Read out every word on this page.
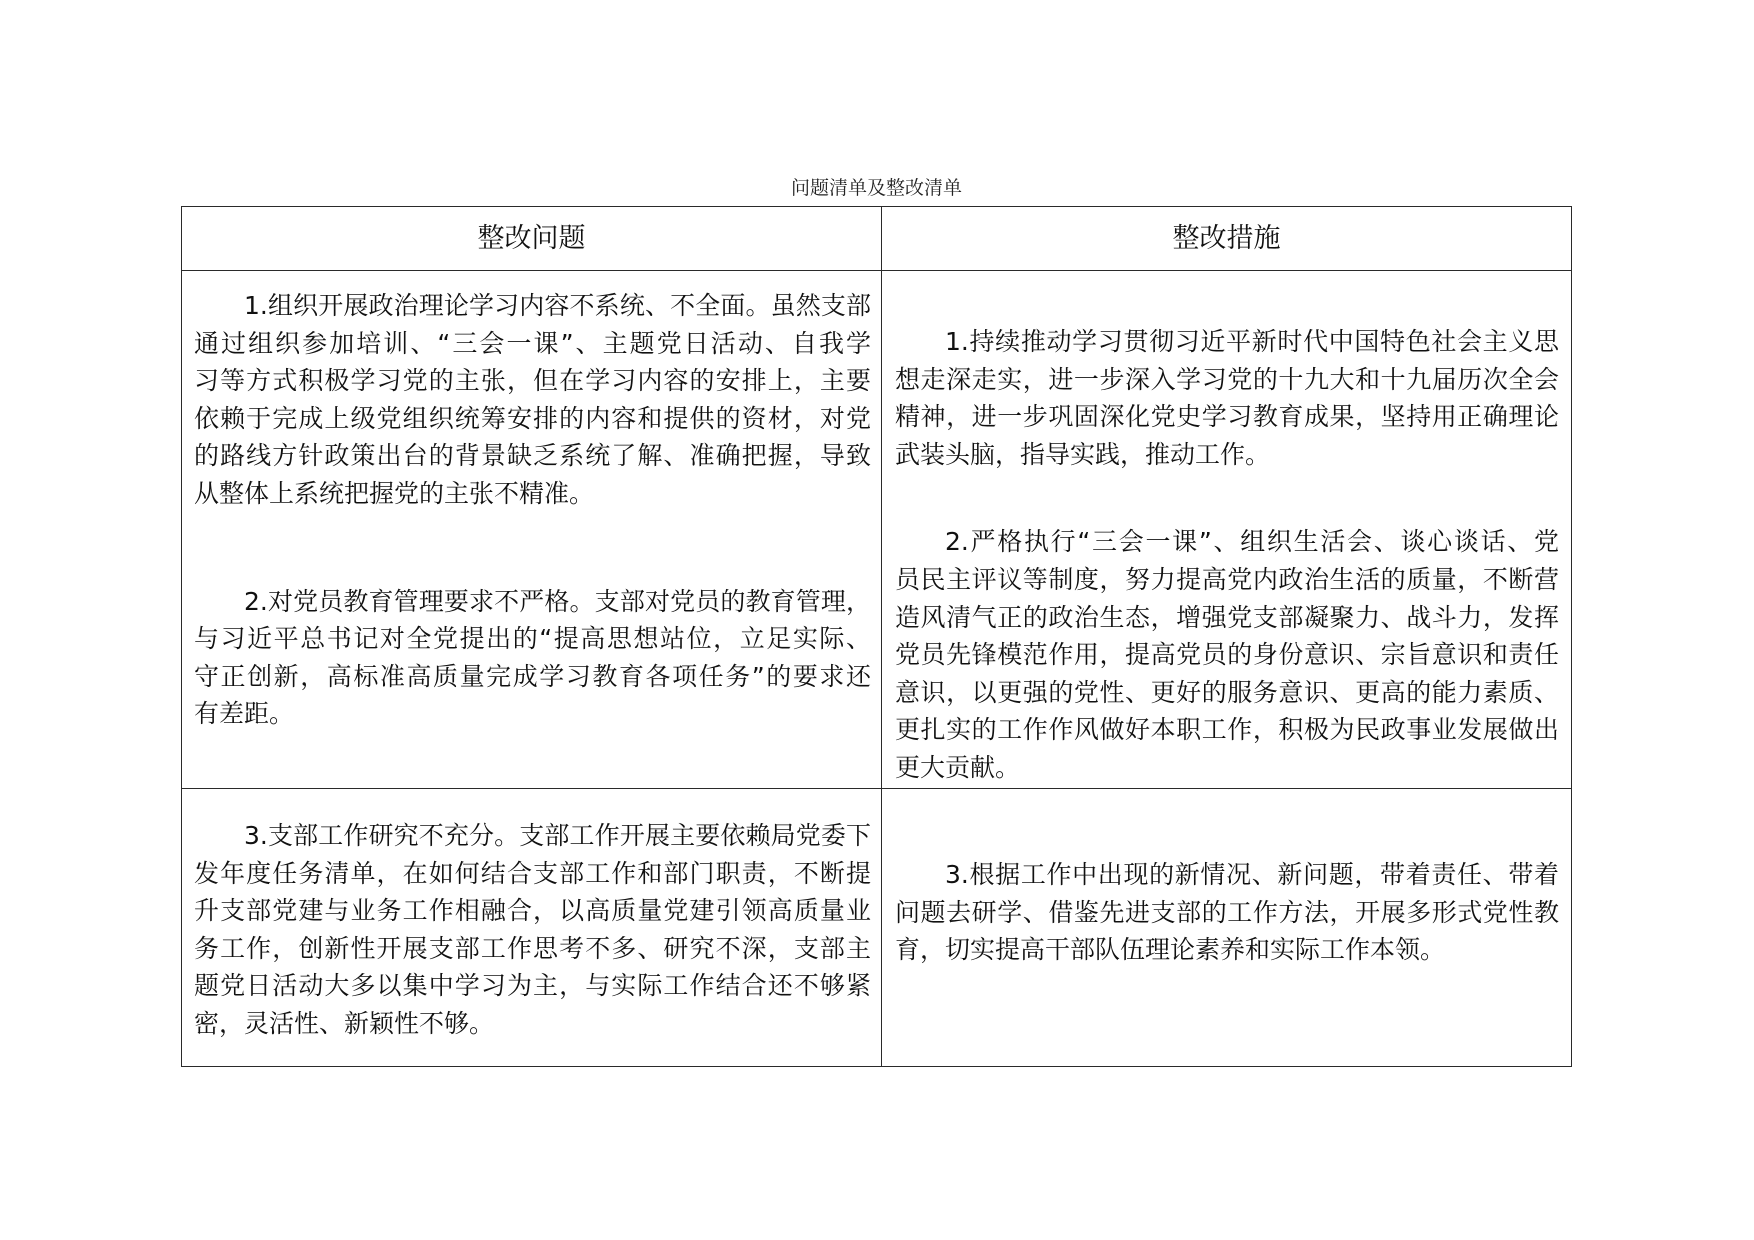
问题清单及整改清单
整改问题	整改措施
1.组织开展政治理论学习内容不系统、不全面。虽然支部
通过组织参加培训、“三会一课”、主题党日活动、自我学
习等方式积极学习党的主张，但在学习内容的安排上，主要
依赖于完成上级党组织统筹安排的内容和提供的资材，对党
的路线方针政策出台的背景缺乏系统了解、准确把握，导致
从整体上系统把握党的主张不精准。
2.对党员教育管理要求不严格。支部对党员的教育管理，
与习近平总书记对全党提出的“提高思想站位，立足实际、
守正创新，高标准高质量完成学习教育各项任务”的要求还
有差距。
1.持续推动学习贯彻习近平新时代中国特色社会主义思
想走深走实，进一步深入学习党的十九大和十九届历次全会
精神，进一步巩固深化党史学习教育成果，坚持用正确理论
武装头脑，指导实践，推动工作。
2.严格执行“三会一课”、组织生活会、谈心谈话、党
员民主评议等制度，努力提高党内政治生活的质量，不断营
造风清气正的政治生态，增强党支部凝聚力、战斗力，发挥
党员先锋模范作用，提高党员的身份意识、宗旨意识和责任
意识，以更强的党性、更好的服务意识、更高的能力素质、
更扎实的工作作风做好本职工作，积极为民政事业发展做出
更大贡献。
3.支部工作研究不充分。支部工作开展主要依赖局党委下
发年度任务清单，在如何结合支部工作和部门职责，不断提
升支部党建与业务工作相融合，以高质量党建引领高质量业
务工作，创新性开展支部工作思考不多、研究不深，支部主
题党日活动大多以集中学习为主，与实际工作结合还不够紧
密，灵活性、新颖性不够。
3.根据工作中出现的新情况、新问题，带着责任、带着
问题去研学、借鉴先进支部的工作方法，开展多形式党性教
育，切实提高干部队伍理论素养和实际工作本领。
